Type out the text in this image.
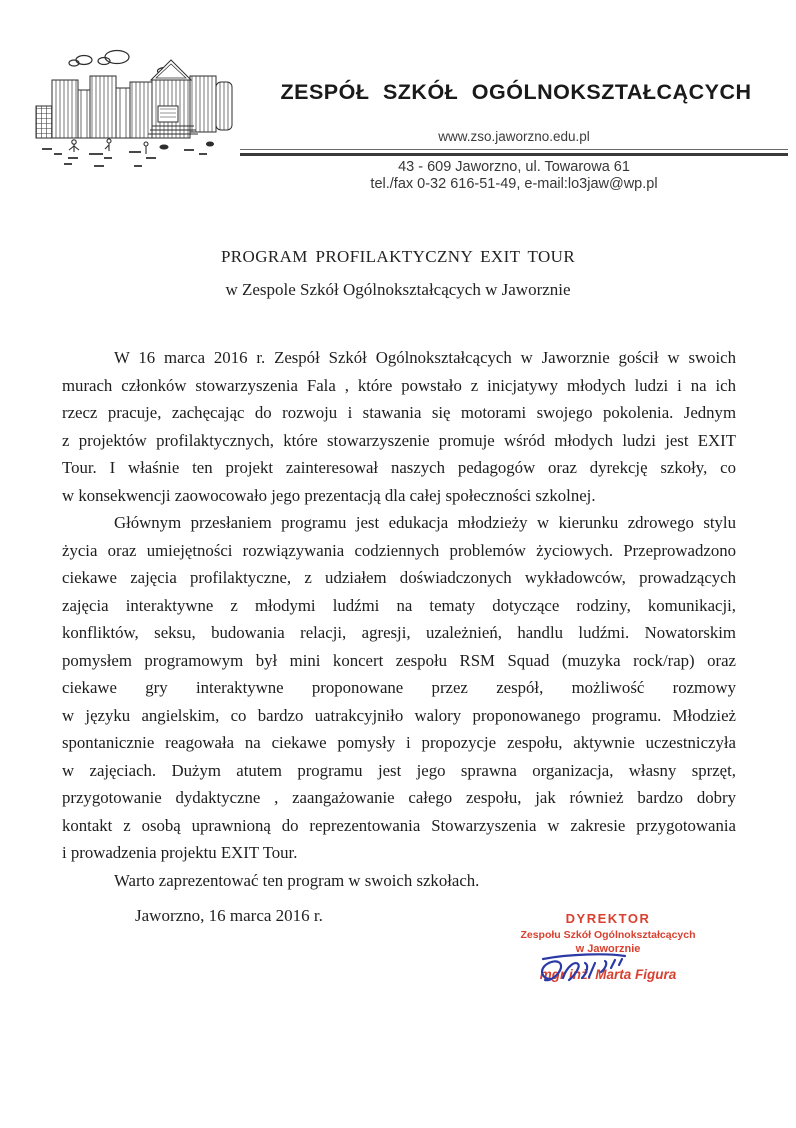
ZESPÓŁ SZKÓŁ OGÓLNOKSZTAŁCĄCYCH
www.zso.jaworzno.edu.pl
43 - 609 Jaworzno, ul. Towarowa 61
tel./fax 0-32 616-51-49, e-mail:lo3jaw@wp.pl
PROGRAM PROFILAKTYCZNY EXIT TOUR
w Zespole Szkół Ogólnokształcących w Jaworznie
W 16 marca 2016 r. Zespół Szkół Ogólnokształcących w Jaworznie gościł w swoich
murach członków stowarzyszenia Fala , które powstało z inicjatywy młodych ludzi i na ich
rzecz pracuje, zachęcając do rozwoju i stawania się motorami swojego pokolenia. Jednym
z projektów profilaktycznych, które stowarzyszenie promuje wśród młodych ludzi jest EXIT
Tour. I właśnie ten projekt zainteresował naszych pedagogów oraz dyrekcję szkoły, co
w konsekwencji zaowocowało jego prezentacją dla całej społeczności szkolnej.
Głównym przesłaniem programu jest edukacja młodzieży w kierunku zdrowego stylu
życia oraz umiejętności rozwiązywania codziennych problemów życiowych. Przeprowadzono
ciekawe zajęcia profilaktyczne, z udziałem doświadczonych wykładowców, prowadzących
zajęcia interaktywne z młodymi ludźmi na tematy dotyczące rodziny, komunikacji,
konfliktów, seksu, budowania relacji, agresji, uzależnień, handlu ludźmi. Nowatorskim
pomysłem programowym był mini koncert zespołu RSM Squad (muzyka rock/rap) oraz
ciekawe gry interaktywne proponowane przez zespół, możliwość rozmowy
w języku angielskim, co bardzo uatrakcyjniło walory proponowanego programu. Młodzież
spontanicznie reagowała na ciekawe pomysły i propozycje zespołu, aktywnie uczestniczyła
w zajęciach. Dużym atutem programu jest jego sprawna organizacja, własny sprzęt,
przygotowanie dydaktyczne , zaangażowanie całego zespołu, jak również bardzo dobry
kontakt z osobą uprawnioną do reprezentowania Stowarzyszenia w zakresie przygotowania
i prowadzenia projektu EXIT Tour.
Warto zaprezentować ten program w swoich szkołach.
Jaworzno, 16 marca 2016 r.	DYREKTOR
Zespołu Szkół Ogólnokształcących
w Jaworznie
mgr inż. Marta Figura
